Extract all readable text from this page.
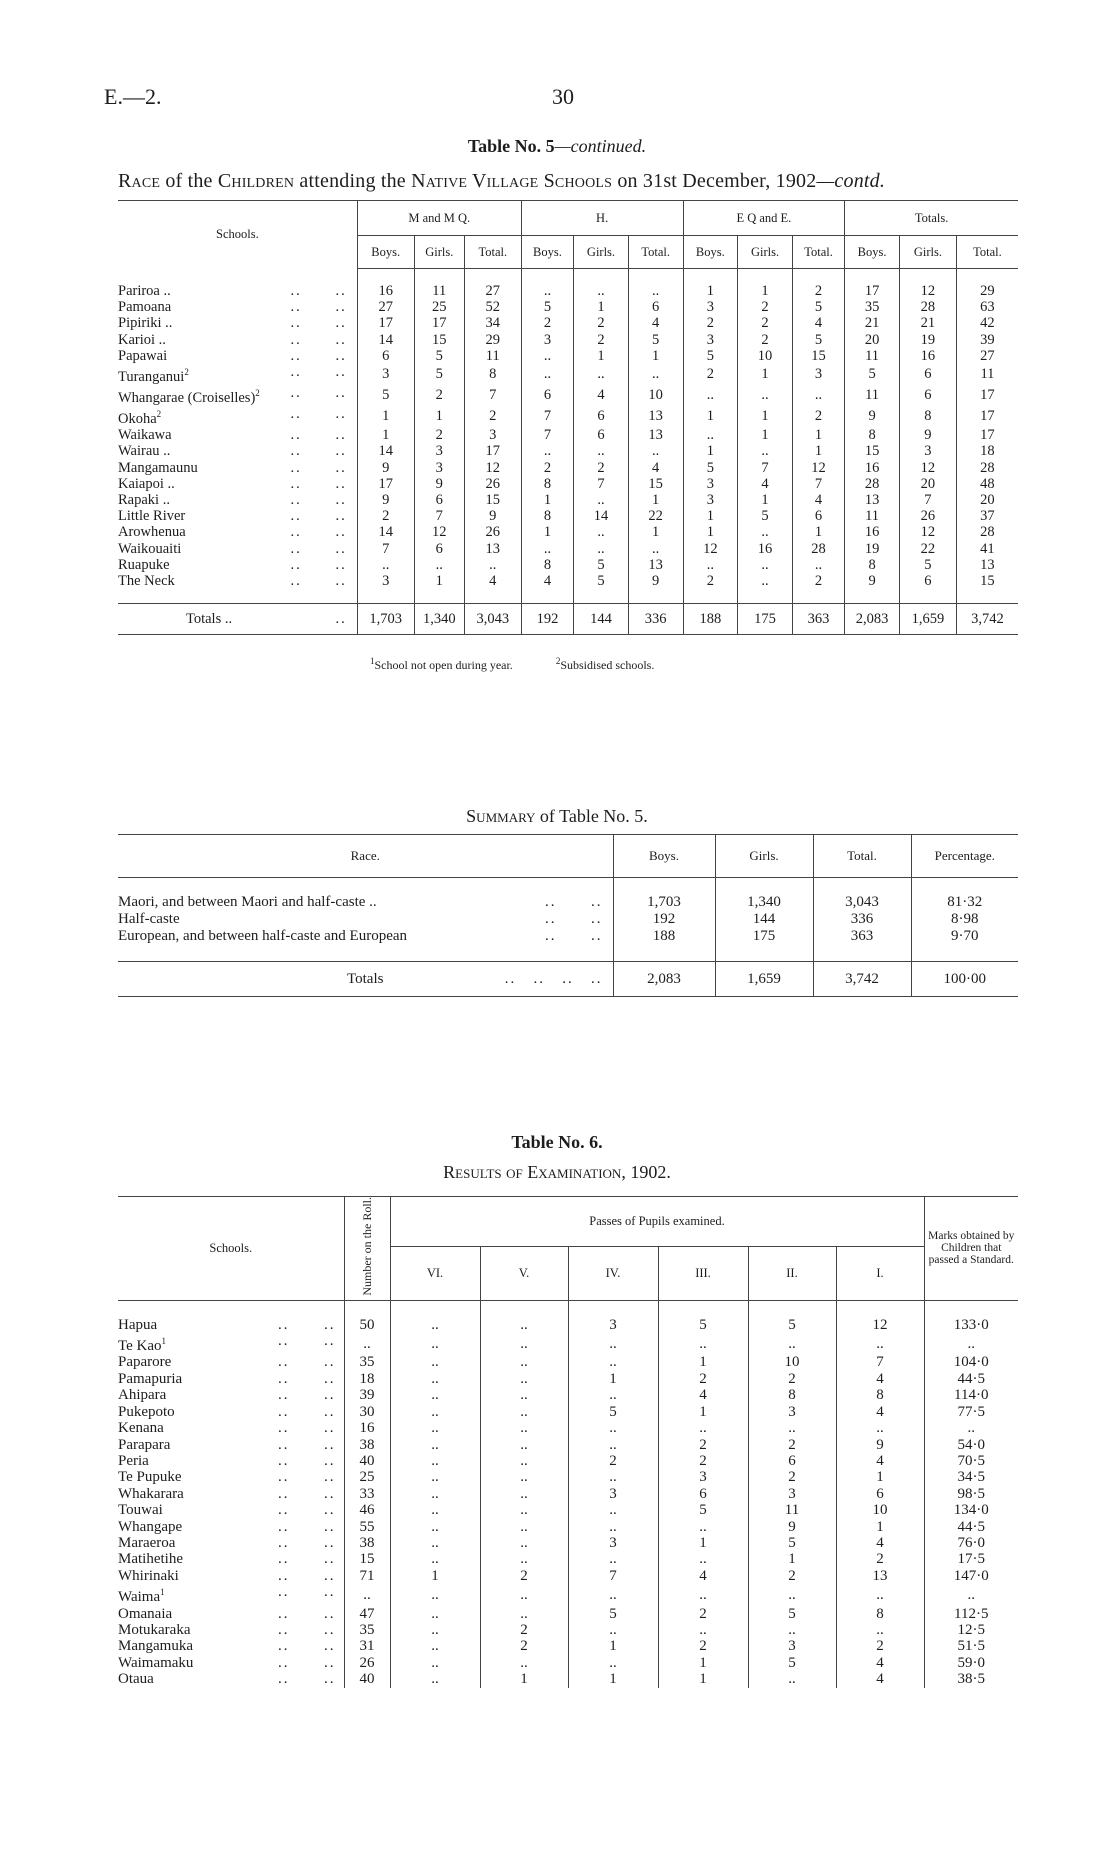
E.—2.	30
Table No. 5—continued.
Race of the Children attending the Native Village Schools on 31st December, 1902—contd.

Schools.	M and M Q.			H.			E Q and E.			Totals.		
	Boys.	Girls.	Total.	Boys.	Girls.	Total.	Boys.	Girls.	Total.	Boys.	Girls.	Total.

Pariroa .. ..      ..	16	11	27	..	..	..	1	1	2	17	12	29
Pamoana ..      ..	27	25	52	5	1	6	3	2	5	35	28	63
Pipiriki .. ..      ..	17	17	34	2	2	4	2	2	4	21	21	42
Karioi .. ..      ..	14	15	29	3	2	5	3	2	5	20	19	39
Papawai ..      ..	6	5	11	..	1	1	5	10	15	11	16	27
Turanganui$^2$ ..      ..	3	5	8	..	..	..	2	1	3	5	6	11
Whangarae (Croiselles)$^2$ ..      ..	5	2	7	6	4	10	..	..	..	11	6	17
Okoha$^2$ ..      ..	1	1	2	7	6	13	1	1	2	9	8	17
Waikawa ..      ..	1	2	3	7	6	13	..	1	1	8	9	17
Wairau .. ..      ..	14	3	17	..	..	..	1	..	1	15	3	18
Mangamaunu ..      ..	9	3	12	2	2	4	5	7	12	16	12	28
Kaiapoi .. ..      ..	17	9	26	8	7	15	3	4	7	28	20	48
Rapaki .. ..      ..	9	6	15	1	..	1	3	1	4	13	7	20
Little River ..      ..	2	7	9	8	14	22	1	5	6	11	26	37
Arowhenua ..      ..	14	12	26	1	..	1	1	..	1	16	12	28
Waikouaiti ..      ..	7	6	13	..	..	..	12	16	28	19	22	41
Ruapuke ..      ..	..	..	..	8	5	13	..	..	..	8	5	13
The Neck ..      ..	3	1	4	4	5	9	2	..	2	9	6	15

Totals .. ..	1,703	1,340	3,043	192	144	336	188	175	363	2,083	1,659	3,742
$^1$School not open during year.	$^2$Subsidised schools.
Summary of Table No. 5.
Race.	Boys.	Girls.	Total.	Percentage.

Maori, and between Maori and half-caste .. ..      ..	1,703	1,340	3,043	81·32
Half-caste ..      ..	192	144	336	8·98
European, and between half-caste and European ..      ..	188	175	363	9·70

Totals ..   ..   ..   ..	2,083	1,659	3,742	100·00
Table No. 6.
Results of Examination, 1902.
Schools.	Number on the Roll.	Passes of Pupils examined.						Marks obtained by Children that passed a Standard.
		VI.	V.	IV.	III.	II.	I.	

Hapua ..      ..	50	..	..	3	5	5	12	133·0
Te Kao$^1$ ..      ..	..	..	..	..	..	..	..	..
Paparore ..      ..	35	..	..	..	1	10	7	104·0
Pamapuria ..      ..	18	..	..	1	2	2	4	44·5
Ahipara ..      ..	39	..	..	..	4	8	8	114·0
Pukepoto ..      ..	30	..	..	5	1	3	4	77·5
Kenana ..      ..	16	..	..	..	..	..	..	..
Parapara ..      ..	38	..	..	..	2	2	9	54·0
Peria ..      ..	40	..	..	2	2	6	4	70·5
Te Pupuke ..      ..	25	..	..	..	3	2	1	34·5
Whakarara ..      ..	33	..	..	3	6	3	6	98·5
Touwai ..      ..	46	..	..	..	5	11	10	134·0
Whangape ..      ..	55	..	..	..	..	9	1	44·5
Maraeroa ..      ..	38	..	..	3	1	5	4	76·0
Matihetihe ..      ..	15	..	..	..	..	1	2	17·5
Whirinaki ..      ..	71	1	2	7	4	2	13	147·0
Waima$^1$ ..      ..	..	..	..	..	..	..	..	..
Omanaia ..      ..	47	..	..	5	2	5	8	112·5
Motukaraka ..      ..	35	..	2	..	..	..	..	12·5
Mangamuka ..      ..	31	..	2	1	2	3	2	51·5
Waimamaku ..      ..	26	..	..	..	1	5	4	59·0
Otaua ..      ..	40	..	1	1	1	..	4	38·5
